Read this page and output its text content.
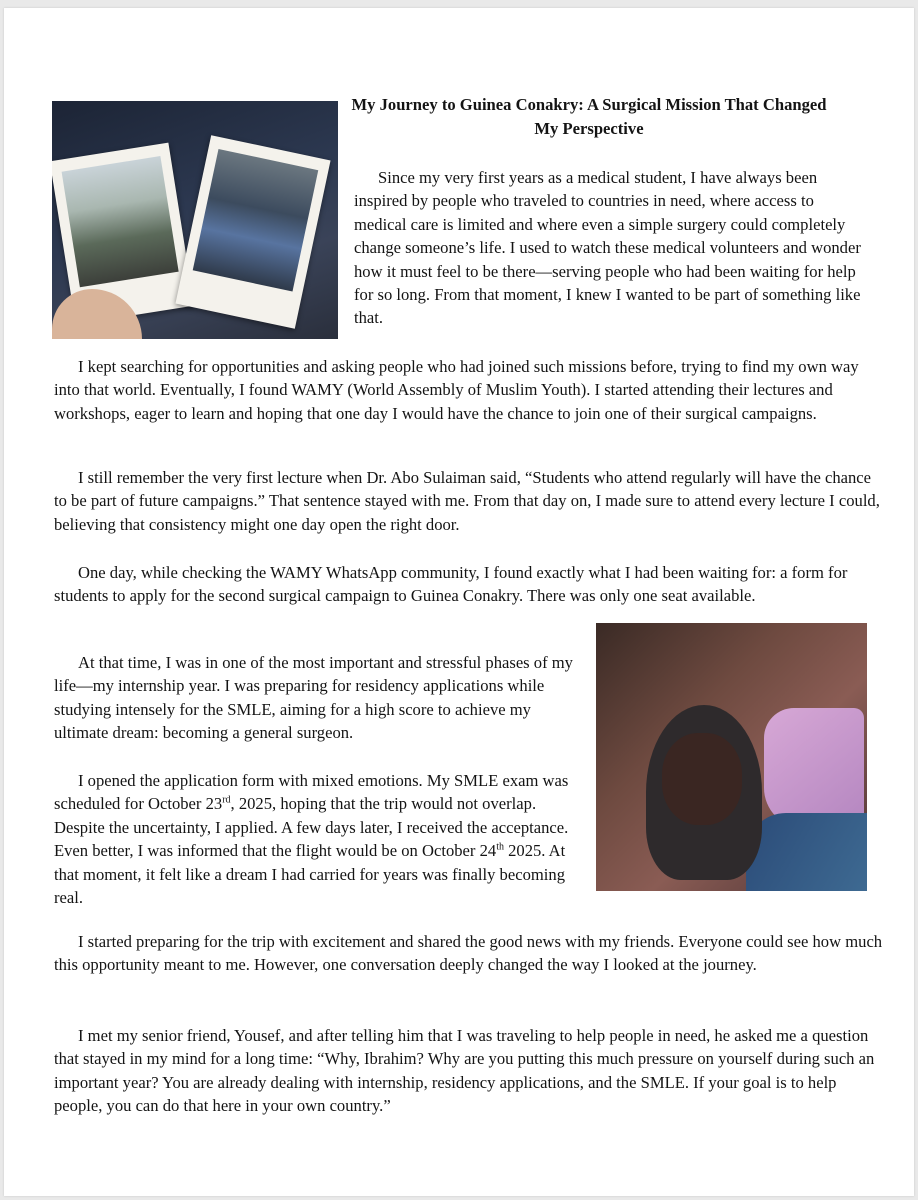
My Journey to Guinea Conakry: A Surgical Mission That Changed My Perspective

Since my very first years as a medical student, I have always been inspired by people who traveled to countries in need, where access to medical care is limited and where even a simple surgery could completely change someone’s life. I used to watch these medical volunteers and wonder how it must feel to be there—serving people who had been waiting for help for so long. From that moment, I knew I wanted to be part of something like that.

I kept searching for opportunities and asking people who had joined such missions before, trying to find my own way into that world. Eventually, I found WAMY (World Assembly of Muslim Youth). I started attending their lectures and workshops, eager to learn and hoping that one day I would have the chance to join one of their surgical campaigns.

I still remember the very first lecture when Dr. Abo Sulaiman said, “Students who attend regularly will have the chance to be part of future campaigns.” That sentence stayed with me. From that day on, I made sure to attend every lecture I could, believing that consistency might one day open the right door.

One day, while checking the WAMY WhatsApp community, I found exactly what I had been waiting for: a form for students to apply for the second surgical campaign to Guinea Conakry. There was only one seat available.

At that time, I was in one of the most important and stressful phases of my life—my internship year. I was preparing for residency applications while studying intensely for the SMLE, aiming for a high score to achieve my ultimate dream: becoming a general surgeon.

I opened the application form with mixed emotions. My SMLE exam was scheduled for October 23rd, 2025, hoping that the trip would not overlap. Despite the uncertainty, I applied. A few days later, I received the acceptance. Even better, I was informed that the flight would be on October 24th 2025. At that moment, it felt like a dream I had carried for years was finally becoming real.

I started preparing for the trip with excitement and shared the good news with my friends. Everyone could see how much this opportunity meant to me. However, one conversation deeply changed the way I looked at the journey.

I met my senior friend, Yousef, and after telling him that I was traveling to help people in need, he asked me a question that stayed in my mind for a long time: “Why, Ibrahim? Why are you putting this much pressure on yourself during such an important year? You are already dealing with internship, residency applications, and the SMLE. If your goal is to help people, you can do that here in your own country.”
